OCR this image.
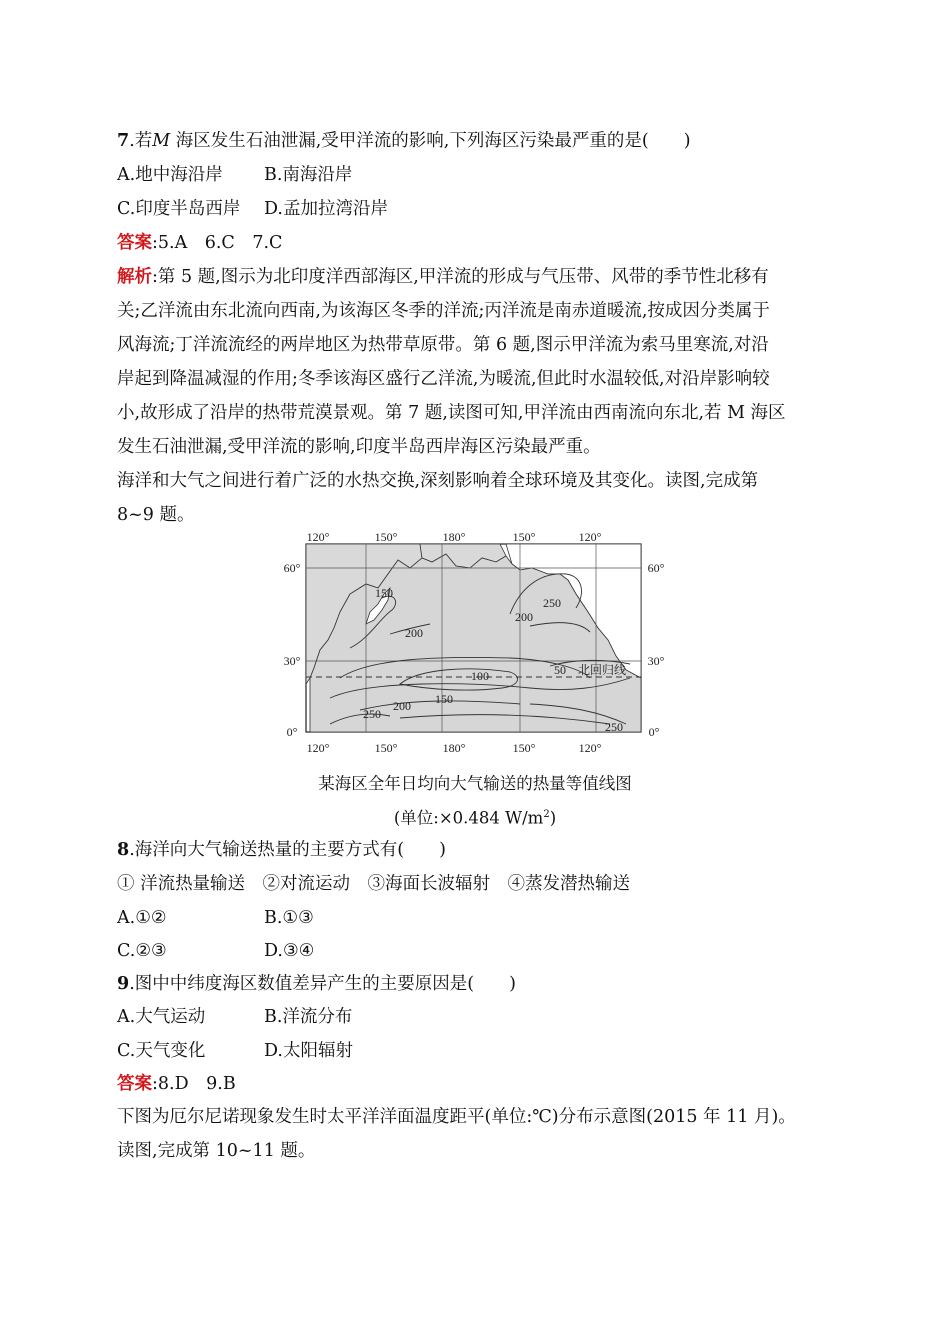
7.若M 海区发生石油泄漏,受甲洋流的影响,下列海区污染最严重的是(　　)
A.地中海沿岸 B.南海沿岸
C.印度半岛西岸 D.孟加拉湾沿岸
答案:5.A　6.C　7.C
解析:第 5 题,图示为北印度洋西部海区,甲洋流的形成与气压带、风带的季节性北移有
关;乙洋流由东北流向西南,为该海区冬季的洋流;丙洋流是南赤道暖流,按成因分类属于
风海流;丁洋流流经的两岸地区为热带草原带。第 6 题,图示甲洋流为索马里寒流,对沿
岸起到降温减湿的作用;冬季该海区盛行乙洋流,为暖流,但此时水温较低,对沿岸影响较
小,故形成了沿岸的热带荒漠景观。第 7 题,读图可知,甲洋流由西南流向东北,若 M 海区
发生石油泄漏,受甲洋流的影响,印度半岛西岸海区污染最严重。
海洋和大气之间进行着广泛的水热交换,深刻影响着全球环境及其变化。读图,完成第
8~9 题。
120°	150°	180°	150°	120°
120°	150°	180°	150°	120°
60°
30°
0°
60°
30°
0°
150
200
250
200
100	50
150
200
250
250
北回归线
某海区全年日均向大气输送的热量等值线图
(单位:×0.484 $W/m^2$)
8.海洋向大气输送热量的主要方式有(　　)
① 洋流热量输送　②对流运动　③海面长波辐射　④蒸发潜热输送
A.①②	B.①③
C.②③	D.③④
9.图中中纬度海区数值差异产生的主要原因是(　　)
A.大气运动	B.洋流分布
C.天气变化	D.太阳辐射
答案:8.D　9.B
下图为厄尔尼诺现象发生时太平洋洋面温度距平(单位:℃)分布示意图(2015 年 11 月)。
读图,完成第 10~11 题。
